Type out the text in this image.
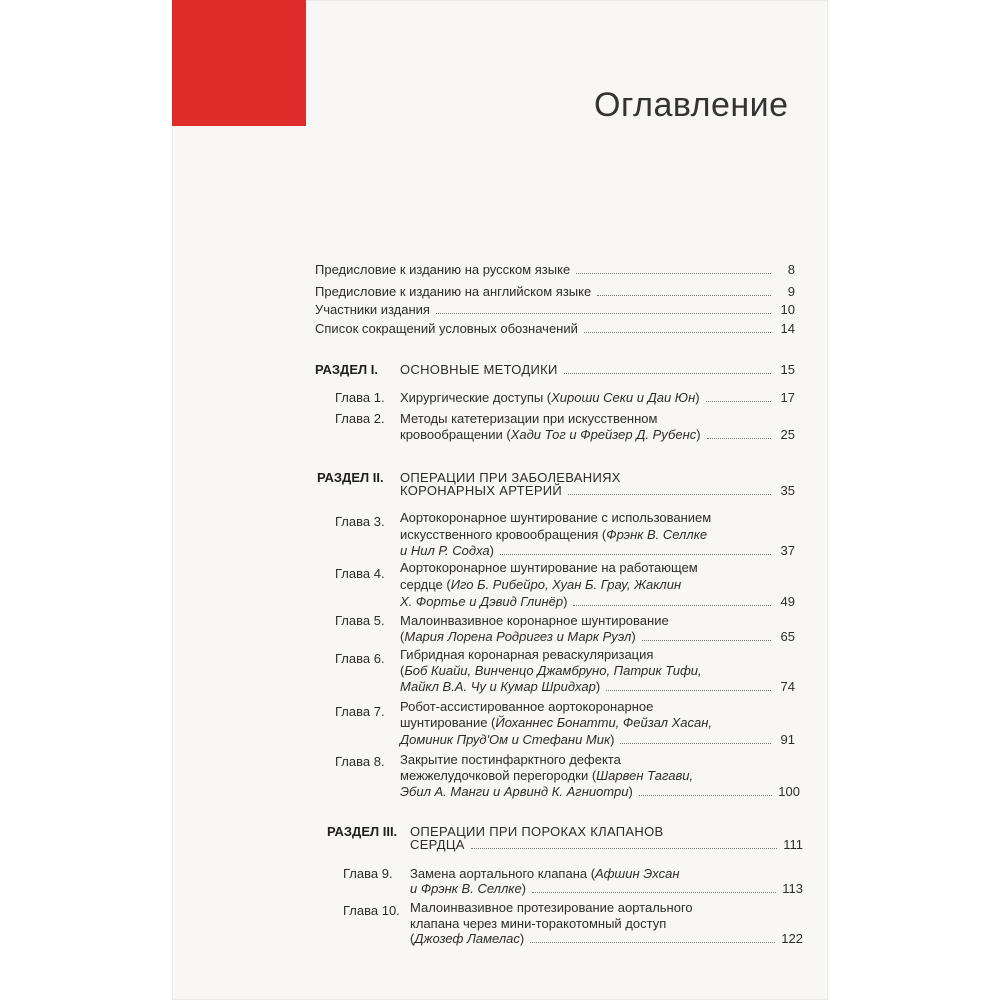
Оглавление
Предисловие к изданию на русском языке	8
Предисловие к изданию на английском языке	9
Участники издания	10
Список сокращений условных обозначений	14
РАЗДЕЛ I. ОСНОВНЫЕ МЕТОДИКИ	15
Глава 1. Хирургические доступы (Хироши Секи и Даи Юн)	17
Глава 2. Методы катетеризации при искусственном
кровообращении (Хади Тог и Фрейзер Д. Рубенс)	25
РАЗДЕЛ II. ОПЕРАЦИИ ПРИ ЗАБОЛЕВАНИЯХ
КОРОНАРНЫХ АРТЕРИЙ	35
Глава 3. Аортокоронарное шунтирование с использованием
искусственного кровообращения (Фрэнк В. Селлке
и Нил Р. Содха)	37
Глава 4. Аортокоронарное шунтирование на работающем
сердце (Иго Б. Рибейро, Хуан Б. Грау, Жаклин
Х. Фортье и Дэвид Глинёр)	49
Глава 5. Малоинвазивное коронарное шунтирование
(Мария Лорена Родригез и Марк Руэл)	65
Глава 6. Гибридная коронарная реваскуляризация
(Боб Киайи, Винченцо Джамбруно, Патрик Тифи,
Майкл В.А. Чу и Кумар Шридхар)	74
Глава 7. Робот-ассистированное аортокоронарное
шунтирование (Йоханнес Бонатти, Фейзал Хасан,
Доминик Пруд'Ом и Стефани Мик)	91
Глава 8. Закрытие постинфарктного дефекта
межжелудочковой перегородки (Шарвен Тагави,
Эбил А. Манги и Арвинд К. Агниотри)	100
РАЗДЕЛ III. ОПЕРАЦИИ ПРИ ПОРОКАХ КЛАПАНОВ
СЕРДЦА	111
Глава 9. Замена аортального клапана (Афшин Эхсан
и Фрэнк В. Селлке)	113
Глава 10. Малоинвазивное протезирование аортального
клапана через мини-торакотомный доступ
(Джозеф Ламелас)	122
